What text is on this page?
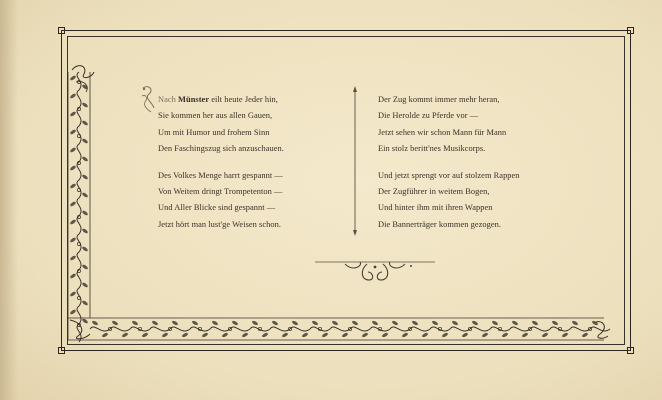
Nach Münster eilt heute Jeder hin,
Sie kommen her aus allen Gauen,
Um mit Humor und frohem Sinn
Den Faschingszug sich anzuschauen.
Des Volkes Menge harrt gespannt —
Von Weitem dringt Trompetenton —
Und Aller Blicke sind gespannt —
Jetzt hört man lust'ge Weisen schon.
Der Zug kommt immer mehr heran,
Die Herolde zu Pferde vor —
Jetzt sehen wir schon Mann für Mann
Ein stolz beritt'nes Musikcorps.
Und jetzt sprengt vor auf stolzem Rappen
Der Zugführer in weitem Bogen,
Und hinter ihm mit ihren Wappen
Die Bannerträger kommen gezogen.
